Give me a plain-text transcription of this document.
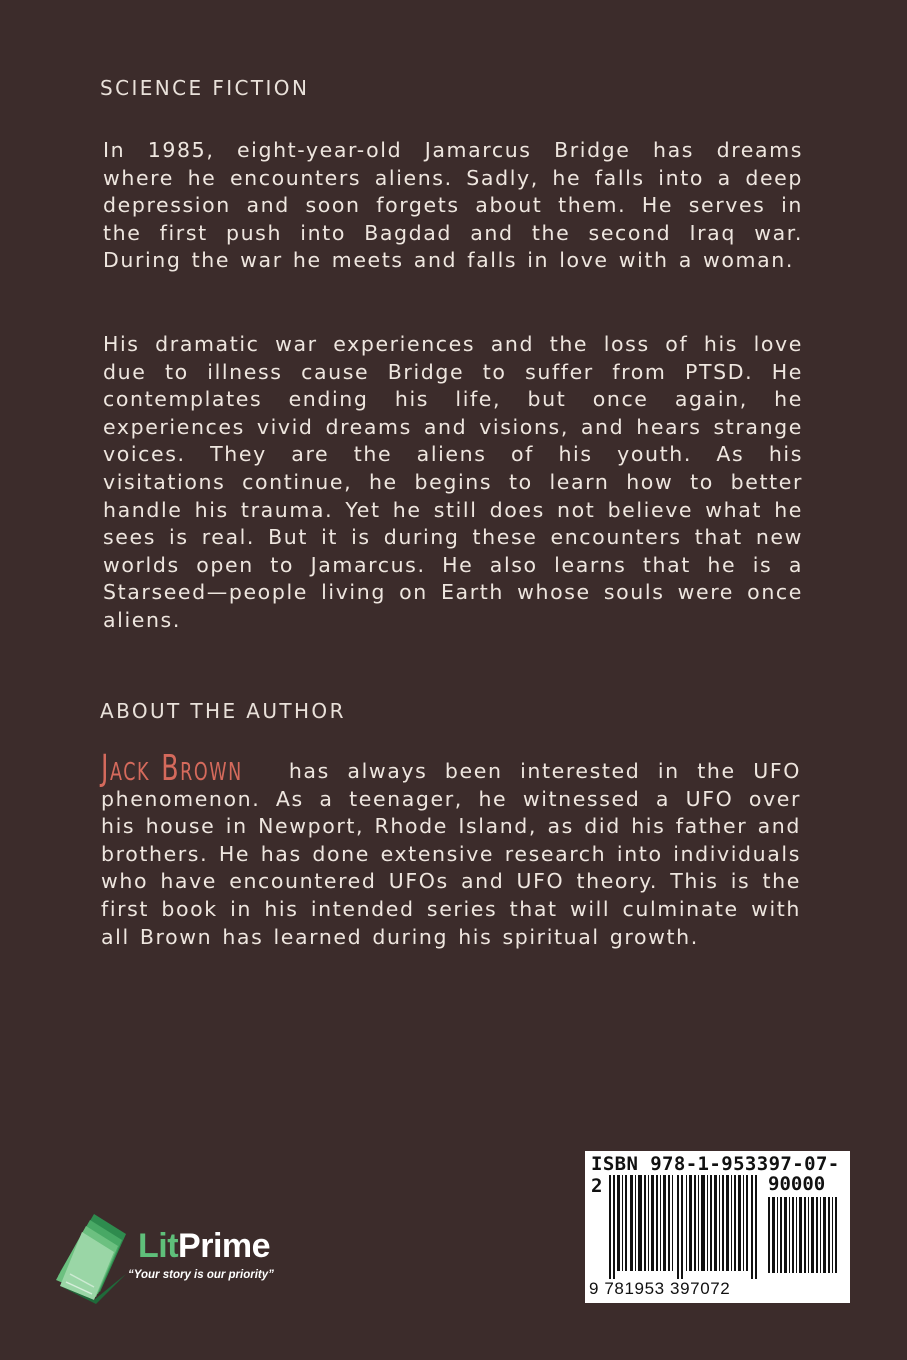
SCIENCE FICTION

In 1985, eight-year-old Jamarcus Bridge has dreams where he encounters aliens. Sadly, he falls into a deep depression and soon forgets about them. He serves in the first push into Bagdad and the second Iraq war. During the war he meets and falls in love with a woman.

His dramatic war experiences and the loss of his love due to illness cause Bridge to suffer from PTSD. He contemplates ending his life, but once again, he experiences vivid dreams and visions, and hears strange voices. They are the aliens of his youth. As his visitations continue, he begins to learn how to better handle his trauma. Yet he still does not believe what he sees is real. But it is during these encounters that new worlds open to Jamarcus. He also learns that he is a Starseed—people living on Earth whose souls were once aliens.

ABOUT THE AUTHOR

Jack Brown has always been interested in the UFO phenomenon. As a teenager, he witnessed a UFO over his house in Newport, Rhode Island, as did his father and brothers. He has done extensive research into individuals who have encountered UFOs and UFO theory. This is the first book in his intended series that will culminate with all Brown has learned during his spiritual growth.

ISBN 978-1-953397-07-2	90000
9 781953 397072
LitPrime
“Your story is our priority”
